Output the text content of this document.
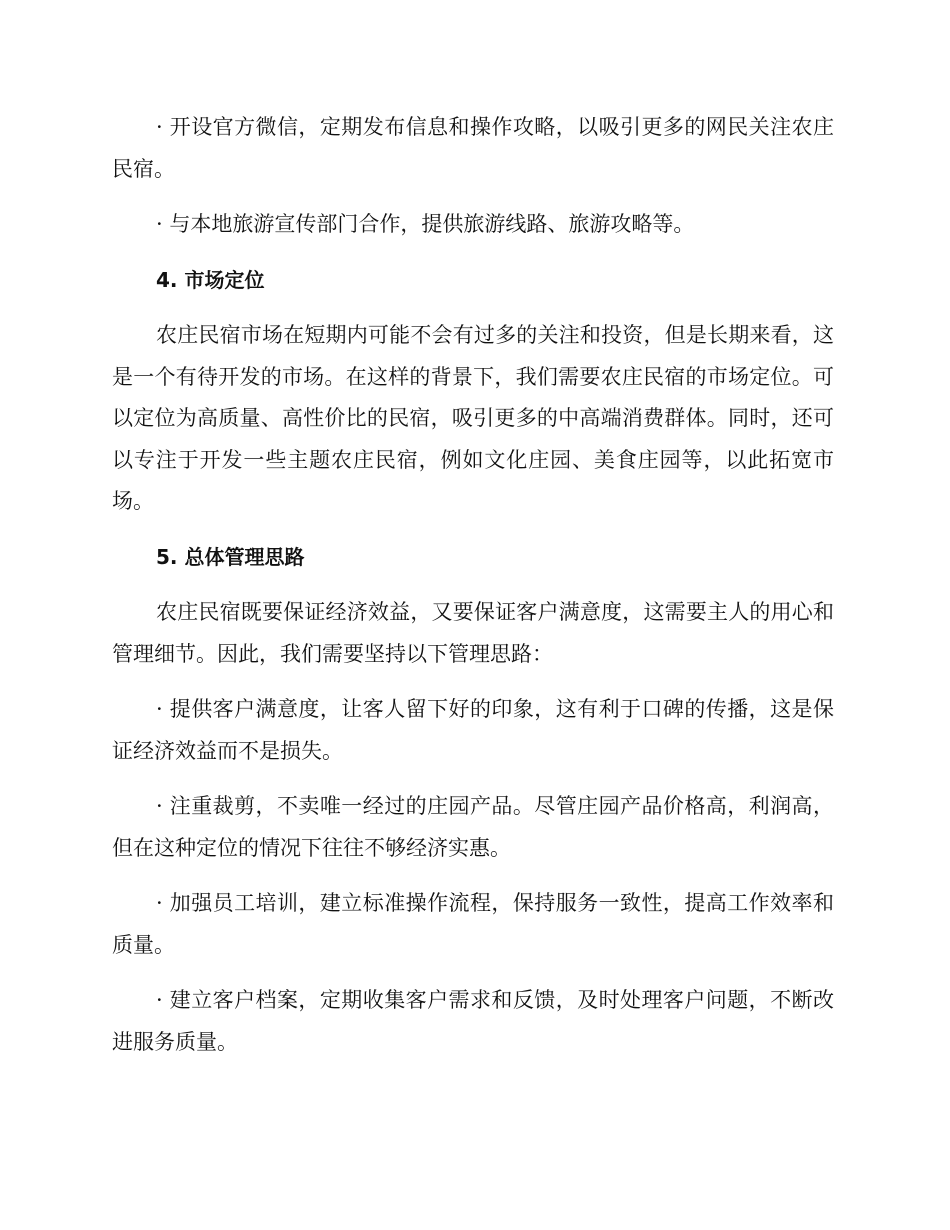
· 开设官方微信，定期发布信息和操作攻略，以吸引更多的网民关注农庄民宿。

· 与本地旅游宣传部门合作，提供旅游线路、旅游攻略等。

4. 市场定位

农庄民宿市场在短期内可能不会有过多的关注和投资，但是长期来看，这是一个有待开发的市场。在这样的背景下，我们需要农庄民宿的市场定位。可以定位为高质量、高性价比的民宿，吸引更多的中高端消费群体。同时，还可以专注于开发一些主题农庄民宿，例如文化庄园、美食庄园等，以此拓宽市场。

5. 总体管理思路

农庄民宿既要保证经济效益，又要保证客户满意度，这需要主人的用心和管理细节。因此，我们需要坚持以下管理思路：

· 提供客户满意度，让客人留下好的印象，这有利于口碑的传播，这是保证经济效益而不是损失。

· 注重裁剪，不卖唯一经过的庄园产品。尽管庄园产品价格高，利润高，但在这种定位的情况下往往不够经济实惠。

· 加强员工培训，建立标准操作流程，保持服务一致性，提高工作效率和质量。

· 建立客户档案，定期收集客户需求和反馈，及时处理客户问题，不断改进服务质量。
